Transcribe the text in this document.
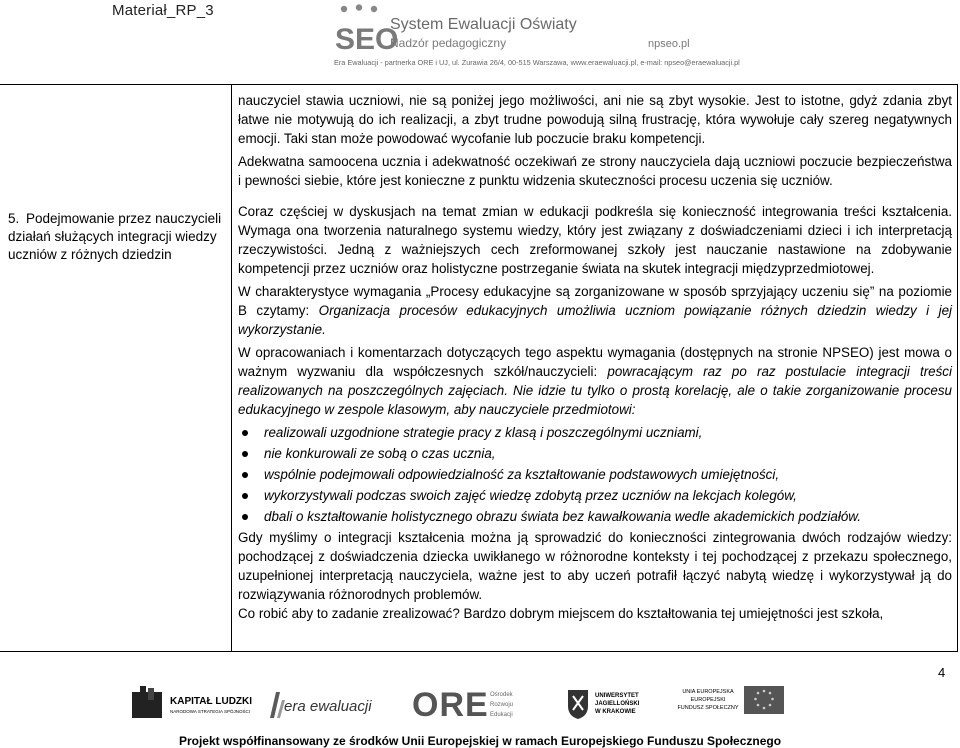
Materiał_RP_3
SEO
System Ewaluacji Oświaty
Nadzór pedagogiczny	npseo.pl
Era Ewaluacji - partnerka ORE i UJ, ul. Żurawia 26/4, 00-515 Warszawa, www.eraewaluacji.pl, e-mail: npseo@eraewaluacji.pl
5. Podejmowanie przez nauczycieli działań służących integracji wiedzy uczniów z różnych dziedzin

nauczyciel stawia uczniowi, nie są poniżej jego możliwości, ani nie są zbyt wysokie. Jest to istotne, gdyż zdania zbyt łatwe nie motywują do ich realizacji, a zbyt trudne powodują silną frustrację, która wywołuje cały szereg negatywnych emocji. Taki stan może powodować wycofanie lub poczucie braku kompetencji.

Adekwatna samoocena ucznia i adekwatność oczekiwań ze strony nauczyciela dają uczniowi poczucie bezpieczeństwa i pewności siebie, które jest konieczne z punktu widzenia skuteczności procesu uczenia się uczniów.

Coraz częściej w dyskusjach na temat zmian w edukacji podkreśla się konieczność integrowania treści kształcenia. Wymaga ona tworzenia naturalnego systemu wiedzy, który jest związany z doświadczeniami dzieci i ich interpretacją rzeczywistości. Jedną z ważniejszych cech zreformowanej szkoły jest nauczanie nastawione na zdobywanie kompetencji przez uczniów oraz holistyczne postrzeganie świata na skutek integracji międzyprzedmiotowej.

W charakterystyce wymagania „Procesy edukacyjne są zorganizowane w sposób sprzyjający uczeniu się” na poziomie B czytamy: Organizacja procesów edukacyjnych umożliwia uczniom powiązanie różnych dziedzin wiedzy i jej wykorzystanie.

W opracowaniach i komentarzach dotyczących tego aspektu wymagania (dostępnych na stronie NPSEO) jest mowa o ważnym wyzwaniu dla współczesnych szkół/nauczycieli: powracającym raz po raz postulacie integracji treści realizowanych na poszczególnych zajęciach. Nie idzie tu tylko o prostą korelację, ale o takie zorganizowanie procesu edukacyjnego w zespole klasowym, aby nauczyciele przedmiotowi:

realizowali uzgodnione strategie pracy z klasą i poszczególnymi uczniami,
nie konkurowali ze sobą o czas ucznia,
wspólnie podejmowali odpowiedzialność za kształtowanie podstawowych umiejętności,
wykorzystywali podczas swoich zajęć wiedzę zdobytą przez uczniów na lekcjach kolegów,
dbali o kształtowanie holistycznego obrazu świata bez kawałkowania wedle akademickich podziałów.

Gdy myślimy o integracji kształcenia można ją sprowadzić do konieczności zintegrowania dwóch rodzajów wiedzy: pochodzącej z doświadczenia dziecka uwikłanego w różnorodne konteksty i tej pochodzącej z przekazu społecznego, uzupełnionej interpretacją nauczyciela, ważne jest to aby uczeń potrafił łączyć nabytą wiedzę i wykorzystywał ją do rozwiązywania różnorodnych problemów.

Co robić aby to zadanie zrealizować? Bardzo dobrym miejscem do kształtowania tej umiejętności jest szkoła,

4
KAPITAŁ LUDZKI
NARODOWA STRATEGIA SPÓJNOŚCI era ewaluacji ORE Ośrodek
Rozwoju
Edukacji
UNIWERSYTET
JAGIELLOŃSKI
W KRAKOWIE
UNIA EUROPEJSKA
EUROPEJSKI
FUNDUSZ SPOŁECZNY
Projekt współfinansowany ze środków Unii Europejskiej w ramach Europejskiego Funduszu Społecznego
